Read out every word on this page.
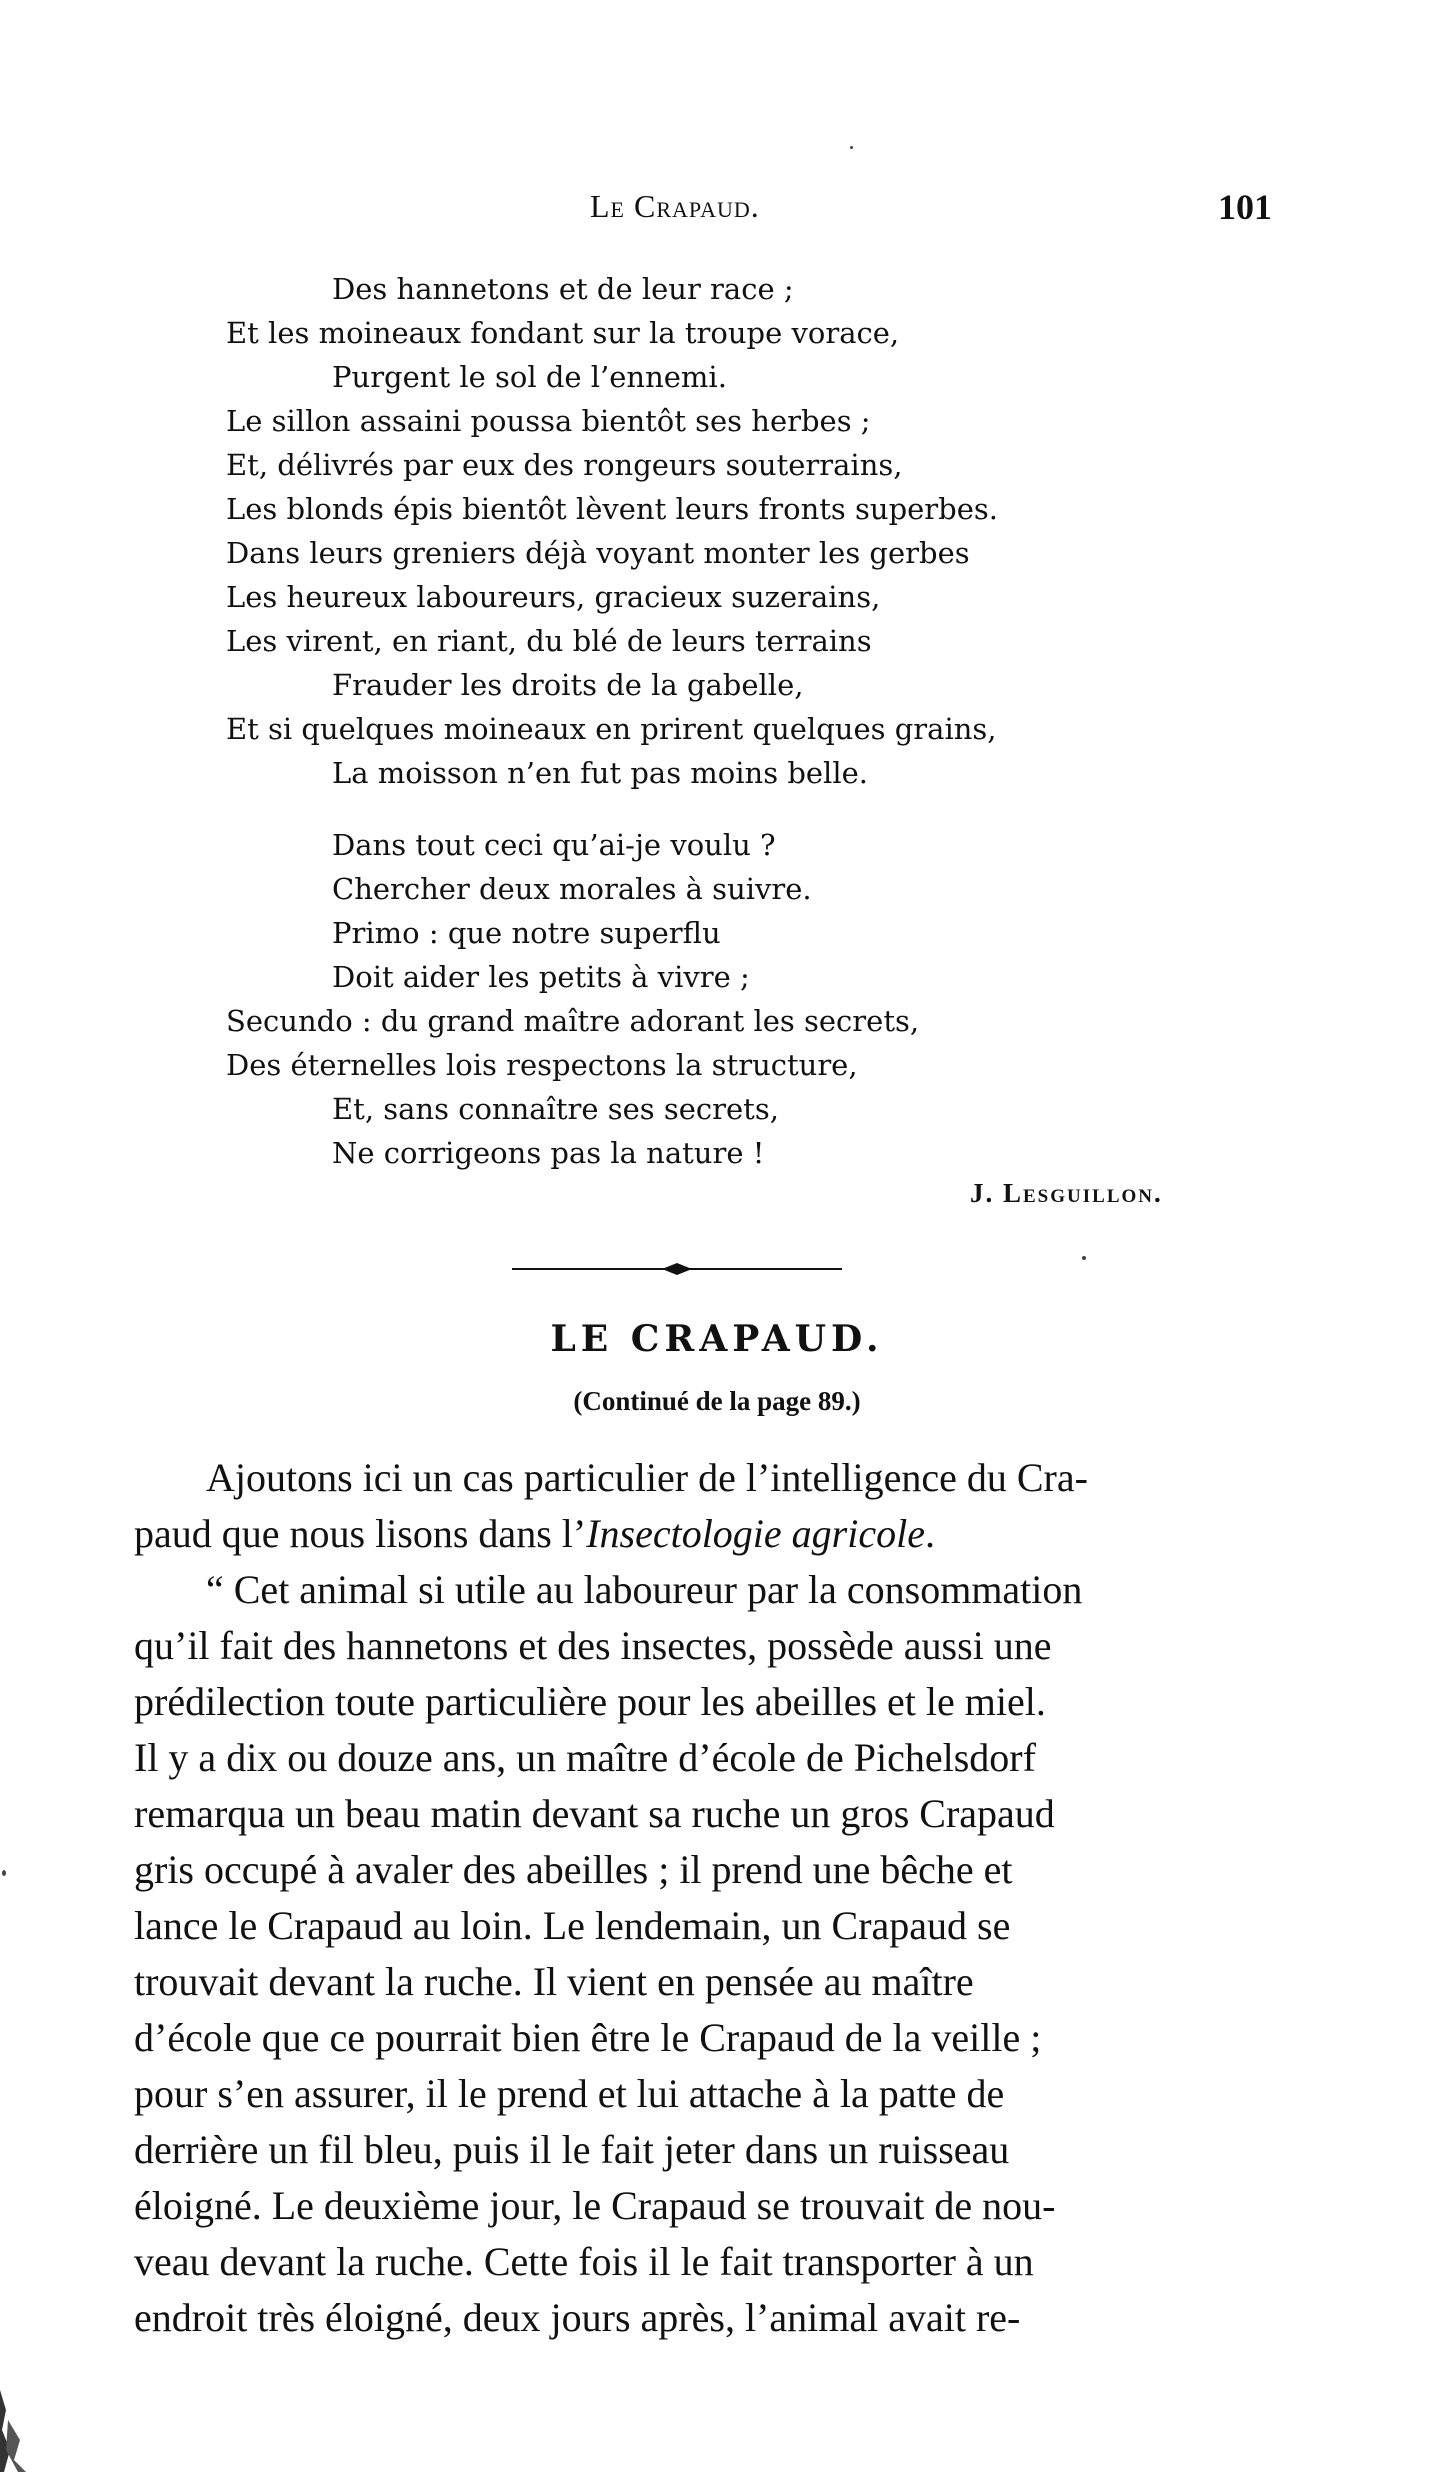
Le Crapaud.	101
Des hannetons et de leur race ;
Et les moineaux fondant sur la troupe vorace,
Purgent le sol de l’ennemi.
Le sillon assaini poussa bientôt ses herbes ;
Et, délivrés par eux des rongeurs souterrains,
Les blonds épis bientôt lèvent leurs fronts superbes.
Dans leurs greniers déjà voyant monter les gerbes
Les heureux laboureurs, gracieux suzerains,
Les virent, en riant, du blé de leurs terrains
Frauder les droits de la gabelle,
Et si quelques moineaux en prirent quelques grains,
La moisson n’en fut pas moins belle.
Dans tout ceci qu’ai-je voulu ?
Chercher deux morales à suivre.
Primo : que notre superflu
Doit aider les petits à vivre ;
Secundo : du grand maître adorant les secrets,
Des éternelles lois respectons la structure,
Et, sans connaître ses secrets,
Ne corrigeons pas la nature !
J. Lesguillon.
LE CRAPAUD.
(Continué de la page 89.)
Ajoutons ici un cas particulier de l’intelligence du Cra-
paud que nous lisons dans l’Insectologie agricole.
“ Cet animal si utile au laboureur par la consommation
qu’il fait des hannetons et des insectes, possède aussi une
prédilection toute particulière pour les abeilles et le miel.
Il y a dix ou douze ans, un maître d’école de Pichelsdorf
remarqua un beau matin devant sa ruche un gros Crapaud
gris occupé à avaler des abeilles ; il prend une bêche et
lance le Crapaud au loin. Le lendemain, un Crapaud se
trouvait devant la ruche. Il vient en pensée au maître
d’école que ce pourrait bien être le Crapaud de la veille ;
pour s’en assurer, il le prend et lui attache à la patte de
derrière un fil bleu, puis il le fait jeter dans un ruisseau
éloigné. Le deuxième jour, le Crapaud se trouvait de nou-
veau devant la ruche. Cette fois il le fait transporter à un
endroit très éloigné, deux jours après, l’animal avait re-
